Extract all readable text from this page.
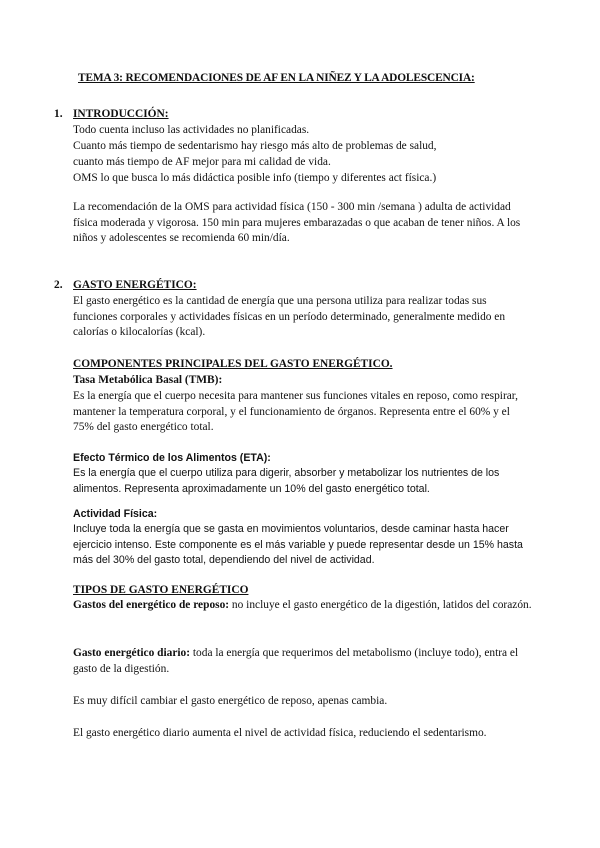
TEMA 3: RECOMENDACIONES DE AF EN LA NIÑEZ Y LA ADOLESCENCIA:
1. INTRODUCCIÓN:
Todo cuenta incluso las actividades no planificadas.
Cuanto más tiempo de sedentarismo hay riesgo más alto de problemas de salud,
cuanto más tiempo de AF mejor para mi calidad de vida.
OMS lo que busca lo más didáctica posible info (tiempo y diferentes act física.)

La recomendación de la OMS para actividad física (150 - 300 min /semana ) adulta de actividad física moderada y vigorosa. 150 min para mujeres embarazadas o que acaban de tener niños. A los niños y adolescentes se recomienda 60 min/día.

2. GASTO ENERGÉTICO:

El gasto energético es la cantidad de energía que una persona utiliza para realizar todas sus funciones corporales y actividades físicas en un período determinado, generalmente medido en calorías o kilocalorías (kcal).

COMPONENTES PRINCIPALES DEL GASTO ENERGÉTICO.
Tasa Metabólica Basal (TMB):

Es la energía que el cuerpo necesita para mantener sus funciones vitales en reposo, como respirar, mantener la temperatura corporal, y el funcionamiento de órganos. Representa entre el 60% y el 75% del gasto energético total.

Efecto Térmico de los Alimentos (ETA):

Es la energía que el cuerpo utiliza para digerir, absorber y metabolizar los nutrientes de los alimentos. Representa aproximadamente un 10% del gasto energético total.

Actividad Física:

Incluye toda la energía que se gasta en movimientos voluntarios, desde caminar hasta hacer ejercicio intenso. Este componente es el más variable y puede representar desde un 15% hasta más del 30% del gasto total, dependiendo del nivel de actividad.

TIPOS DE GASTO ENERGÉTICO

Gastos del energético de reposo: no incluye el gasto energético de la digestión, latidos del corazón.

Gasto energético diario: toda la energía que requerimos del metabolismo (incluye todo), entra el gasto de la digestión.

Es muy difícil cambiar el gasto energético de reposo, apenas cambia.
El gasto energético diario aumenta el nivel de actividad física, reduciendo el sedentarismo.
